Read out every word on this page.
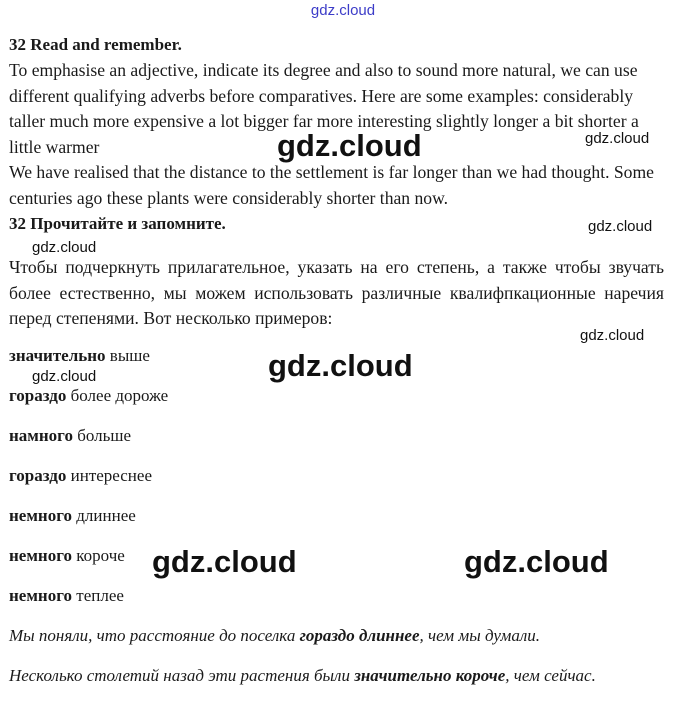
gdz.cloud
32 Read and remember.

To emphasise an adjective, indicate its degree and also to sound more natural, we can use different qualifying adverbs before comparatives. Here are some examples: considerably taller much more expensive a lot bigger far more interesting slightly longer a bit shorter a little warmer

We have realised that the distance to the settlement is far longer than we had thought. Some centuries ago these plants were considerably shorter than now.

32 Прочитайте и запомните.

Чтобы подчеркнуть прилагательное, указать на его степень, а также чтобы звучать более естественно, мы можем использовать различные квалифпкационные наречия перед степенями. Вот несколько примеров:

значительно выше

гораздо более дороже

намного больше

гораздо интереснее

немного длиннее

немного короче

немного теплее

Мы поняли, что расстояние до поселка гораздо длиннее, чем мы думали.

Несколько столетий назад эти растения были значительно короче, чем сейчас.

gdz.cloud	gdz.cloud
gdz.cloud
gdz.cloud
gdz.cloud
gdz.cloud
gdz.cloud
gdz.cloud	gdz.cloud
